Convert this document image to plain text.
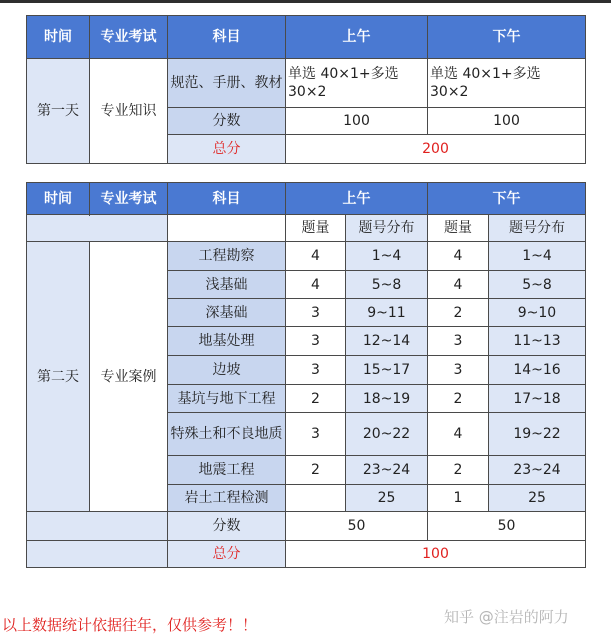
时间	专业考试	科目	上午	下午
第一天	专业知识	规范、手册、教材	单选 40×1+多选 30×2	单选 40×1+多选 30×2
		分数	100	100
		总分	200	
时间	专业考试	科目	上午		下午	

			题量	题号分布	题量	题号分布
第二天	专业案例	工程勘察	4	1~4	4	1~4
		浅基础	4	5~8	4	5~8
		深基础	3	9~11	2	9~10
		地基处理	3	12~14	3	11~13
		边坡	3	15~17	3	14~16
		基坑与地下工程	2	18~19	2	17~18
		特殊土和不良地质	3	20~22	4	19~22
		地震工程	2	23~24	2	23~24
		岩土工程检测		25	1	25
		分数	50		50	
		总分	100			
以上数据统计依据往年，仅供参考！！	知乎 @注岩的阿力
